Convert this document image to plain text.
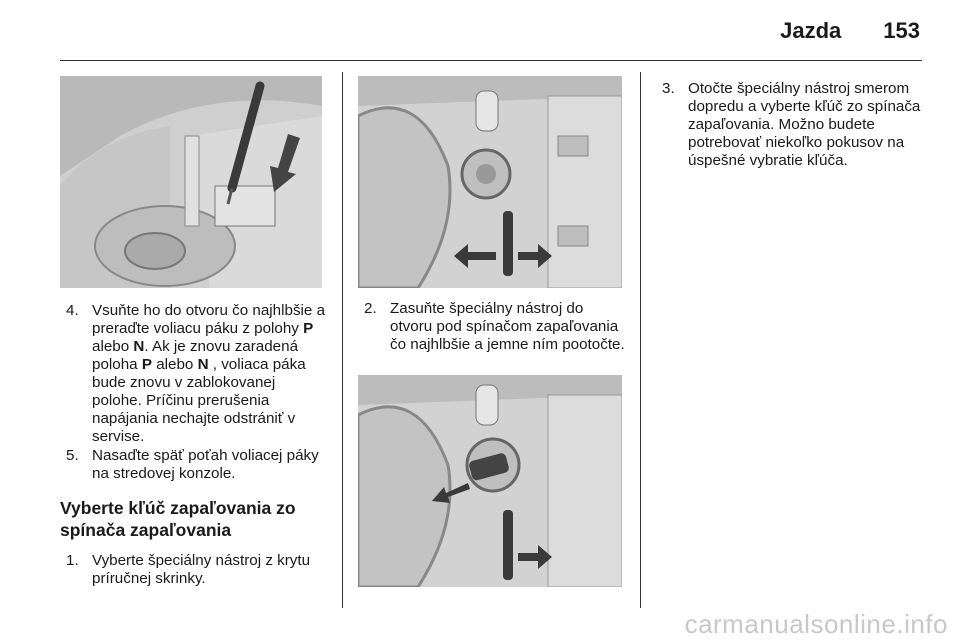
Jazda 153
4. Vsuňte ho do otvoru čo najhlbšie a preraďte voliacu páku z polohy P alebo N. Ak je znovu zaradená poloha P alebo N , voliaca páka bude znovu v zablokovanej polohe. Príčinu prerušenia napájania nechajte odstrániť v servise.
5. Nasaďte späť poťah voliacej páky na stredovej konzole.
Vyberte kľúč zapaľovania zo spínača zapaľovania
1. Vyberte špeciálny nástroj z krytu príručnej skrinky.
2. Zasuňte špeciálny nástroj do otvoru pod spínačom zapaľovania čo najhlbšie a jemne ním pootočte.
3. Otočte špeciálny nástroj smerom dopredu a vyberte kľúč zo spínača zapaľovania. Možno budete potrebovať niekoľko pokusov na úspešné vybratie kľúča.
carmanualsonline.info
